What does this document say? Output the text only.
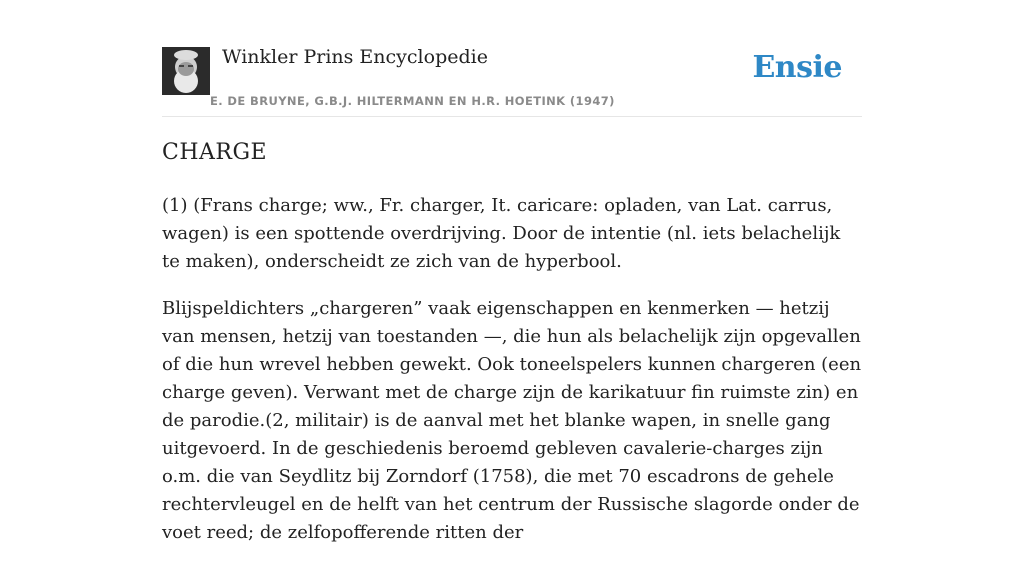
Winkler Prins Encyclopedie
E. DE BRUYNE, G.B.J. HILTERMANN EN H.R. HOETINK (1947)
Ensie
CHARGE

(1) (Frans charge; ww., Fr. charger, It. caricare: opladen, van Lat. carrus, wagen) is een spottende overdrijving. Door de intentie (nl. iets belachelijk te maken), onderscheidt ze zich van de hyperbool.

Blijspeldichters „chargeren” vaak eigenschappen en kenmerken — hetzij van mensen, hetzij van toestanden —, die hun als belachelijk zijn opgevallen of die hun wrevel hebben gewekt. Ook toneelspelers kunnen chargeren (een charge geven). Verwant met de charge zijn de karikatuur fin ruimste zin) en de parodie.(2, militair) is de aanval met het blanke wapen, in snelle gang uitgevoerd. In de geschiedenis beroemd gebleven cavalerie-charges zijn o.m. die van Seydlitz bij Zorndorf (1758), die met 70 escadrons de gehele rechtervleugel en de helft van het centrum der Russische slagorde onder de voet reed; de zelfopofferende ritten der
